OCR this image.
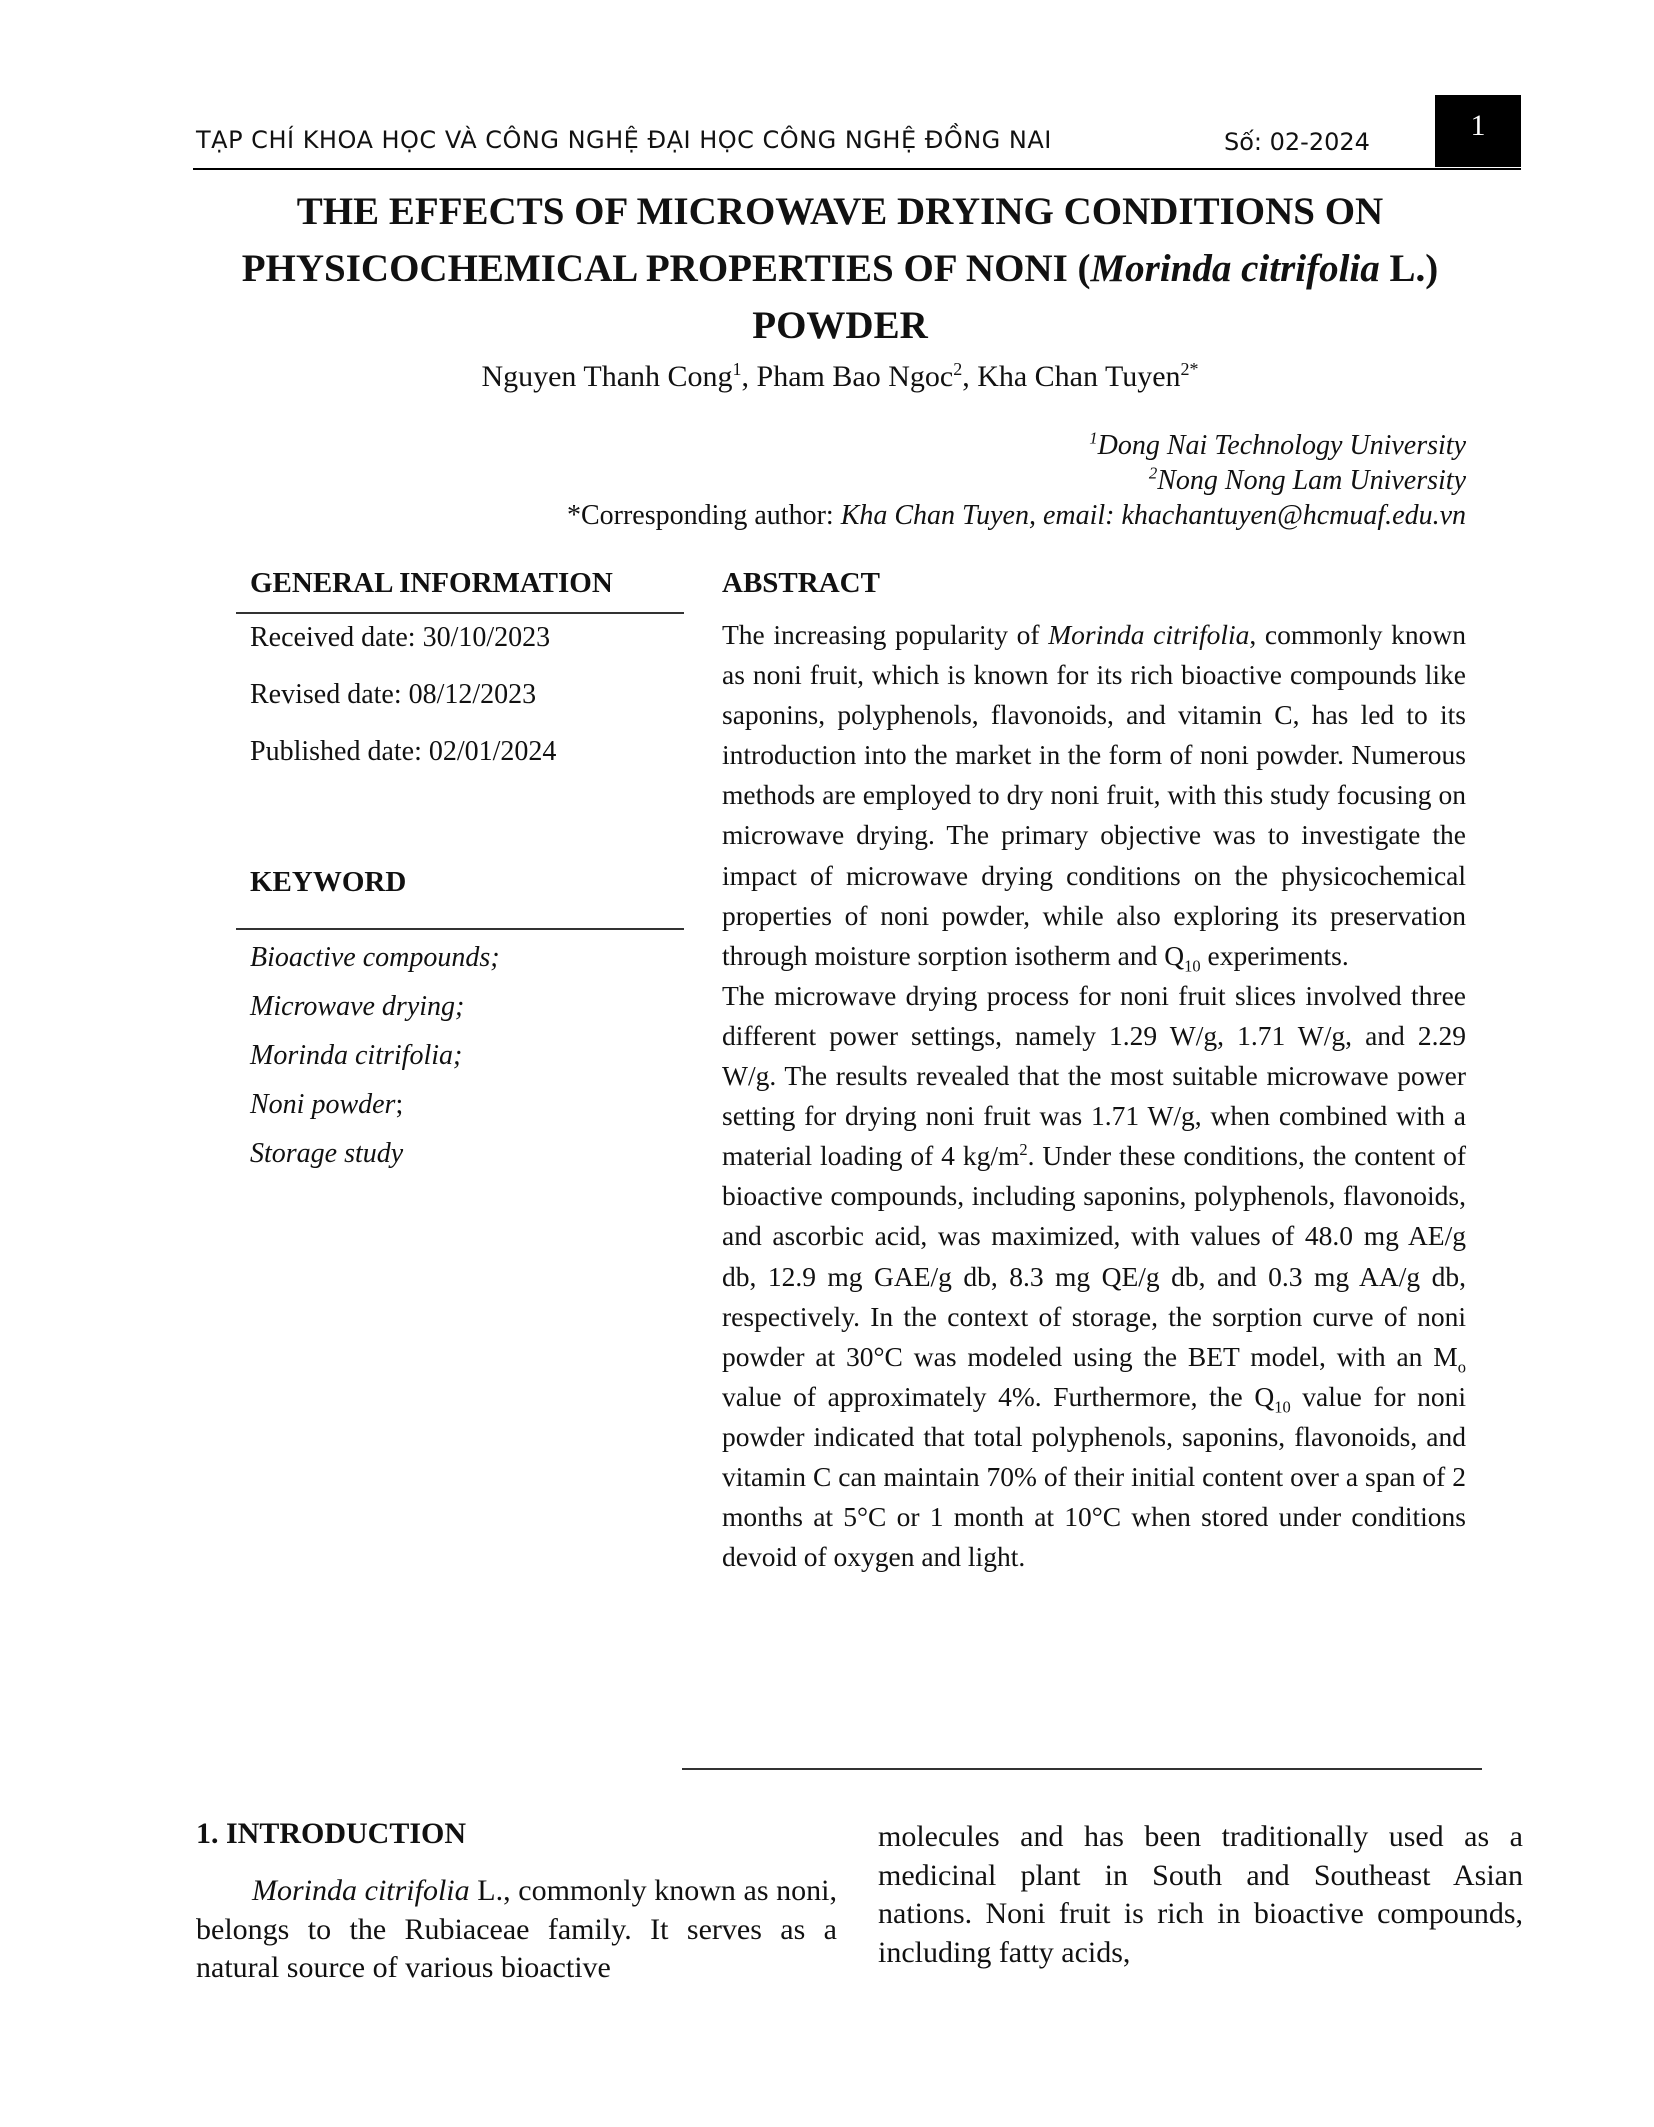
TẠP CHÍ KHOA HỌC VÀ CÔNG NGHỆ ĐẠI HỌC CÔNG NGHỆ ĐỒNG NAI	Số: 02-2024	1
THE EFFECTS OF MICROWAVE DRYING CONDITIONS ON
PHYSICOCHEMICAL PROPERTIES OF NONI (Morinda citrifolia L.)
POWDER
Nguyen Thanh Cong$^1$, Pham Bao Ngoc$^2$, Kha Chan Tuyen$^{2*}$
$^1$Dong Nai Technology University
$^2$Nong Nong Lam University
*Corresponding author: Kha Chan Tuyen, email: khachantuyen@hcmuaf.edu.vn
GENERAL INFORMATION
Received date: 30/10/2023
Revised date: 08/12/2023
Published date: 02/01/2024
KEYWORD
Bioactive compounds;
Microwave drying;
Morinda citrifolia;
Noni powder;
Storage study
ABSTRACT

The increasing popularity of Morinda citrifolia, commonly known as noni fruit, which is known for its rich bioactive compounds like saponins, polyphenols, flavonoids, and vitamin C, has led to its introduction into the market in the form of noni powder. Numerous methods are employed to dry noni fruit, with this study focusing on microwave drying. The primary objective was to investigate the impact of microwave drying conditions on the physicochemical properties of noni powder, while also exploring its preservation through moisture sorption isotherm and $Q_{10}$ experiments.

The microwave drying process for noni fruit slices involved three different power settings, namely 1.29 W/g, 1.71 W/g, and 2.29 W/g. The results revealed that the most suitable microwave power setting for drying noni fruit was 1.71 W/g, when combined with a material loading of 4 $kg/m^2$. Under these conditions, the content of bioactive compounds, including saponins, polyphenols, flavonoids, and ascorbic acid, was maximized, with values of 48.0 mg AE/g db, 12.9 mg GAE/g db, 8.3 mg QE/g db, and 0.3 mg AA/g db, respectively. In the context of storage, the sorption curve of noni powder at 30°C was modeled using the BET model, with an $M_o$ value of approximately 4%. Furthermore, the $Q_{10}$ value for noni powder indicated that total polyphenols, saponins, flavonoids, and vitamin C can maintain 70% of their initial content over a span of 2 months at 5°C or 1 month at 10°C when stored under conditions devoid of oxygen and light.

1. INTRODUCTION

Morinda citrifolia L., commonly known as noni, belongs to the Rubiaceae family. It serves as a natural source of various bioactive

molecules and has been traditionally used as a medicinal plant in South and Southeast Asian nations. Noni fruit is rich in bioactive compounds, including fatty acids,
